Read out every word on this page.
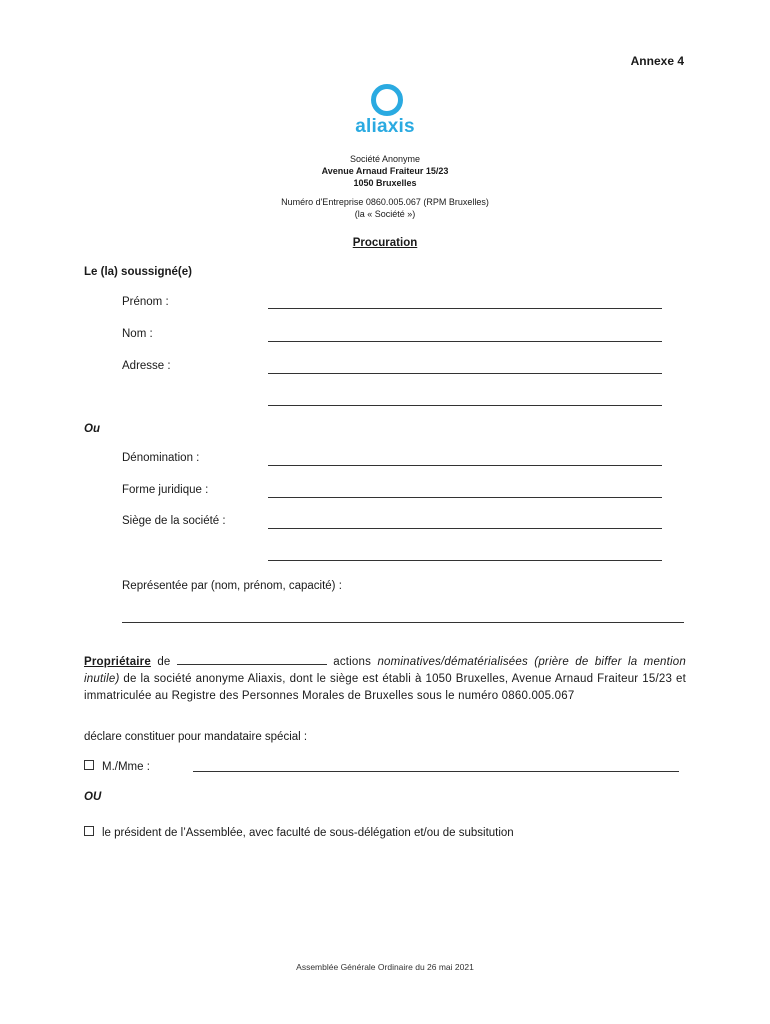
Annexe 4
aliaxis
Société Anonyme
Avenue Arnaud Fraiteur 15/23
1050 Bruxelles
Numéro d'Entreprise 0860.005.067 (RPM Bruxelles)
(la « Société »)
Procuration
Le (la) soussigné(e)
Prénom :
Nom :
Adresse :
Ou
Dénomination :
Forme juridique :
Siège de la société :
Représentée par (nom, prénom, capacité) :
Propriétaire de	actions nominatives/dématérialisées (prière de biffer la mention inutile) de la société anonyme Aliaxis, dont le siège est établi à 1050 Bruxelles, Avenue Arnaud Fraiteur 15/23 et immatriculée au Registre des Personnes Morales de Bruxelles sous le numéro 0860.005.067
déclare constituer pour mandataire spécial :
M./Mme :
OU
le président de l’Assemblée, avec faculté de sous-délégation et/ou de subsitution
Assemblée Générale Ordinaire du 26 mai 2021
